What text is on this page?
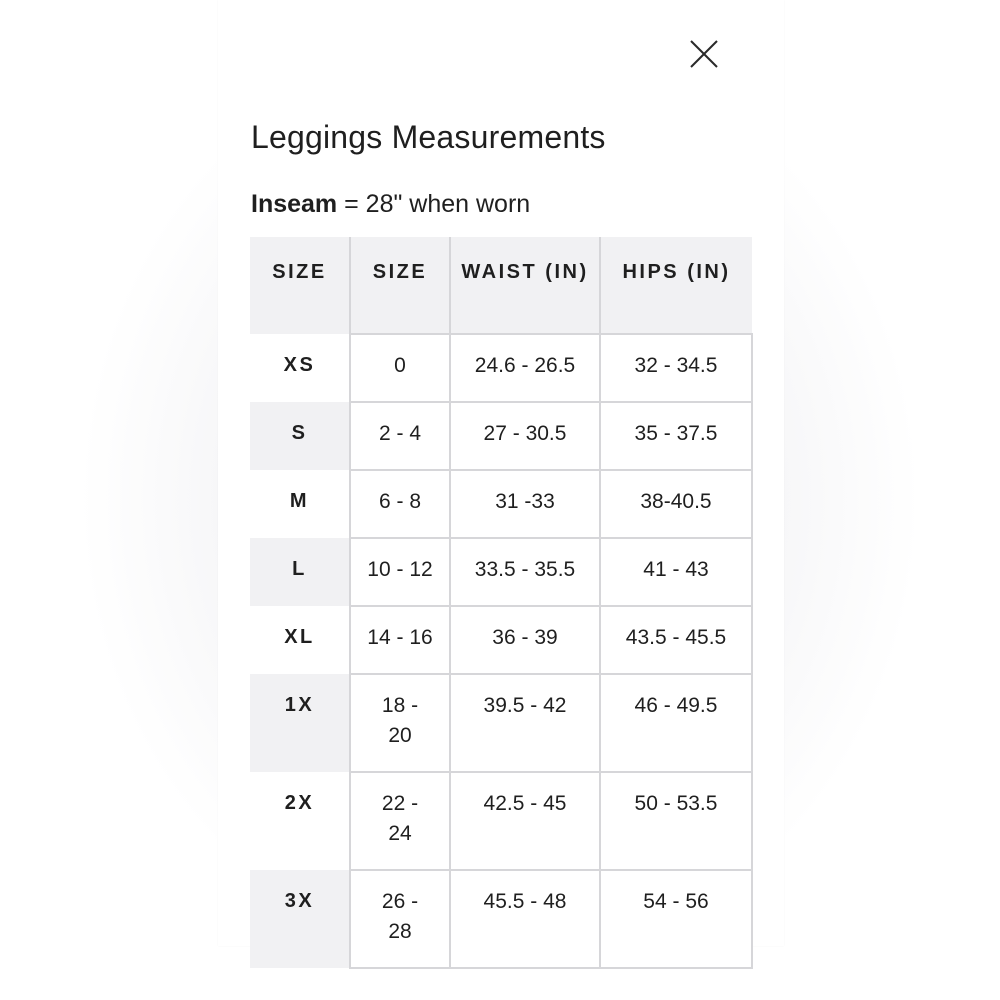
Leggings Measurements
Inseam = 28" when worn
SIZE	SIZE	WAIST (IN)	HIPS (IN)
XS	0	24.6 - 26.5	32 - 34.5
S	2 - 4	27 - 30.5	35 - 37.5
M	6 - 8	31 -33	38-40.5
L	10 - 12	33.5 - 35.5	41 - 43
XL	14 - 16	36 - 39	43.5 - 45.5
1X	18 - 20	39.5 - 42	46 - 49.5
2X	22 - 24	42.5 - 45	50 - 53.5
3X	26 - 28	45.5 - 48	54 - 56
